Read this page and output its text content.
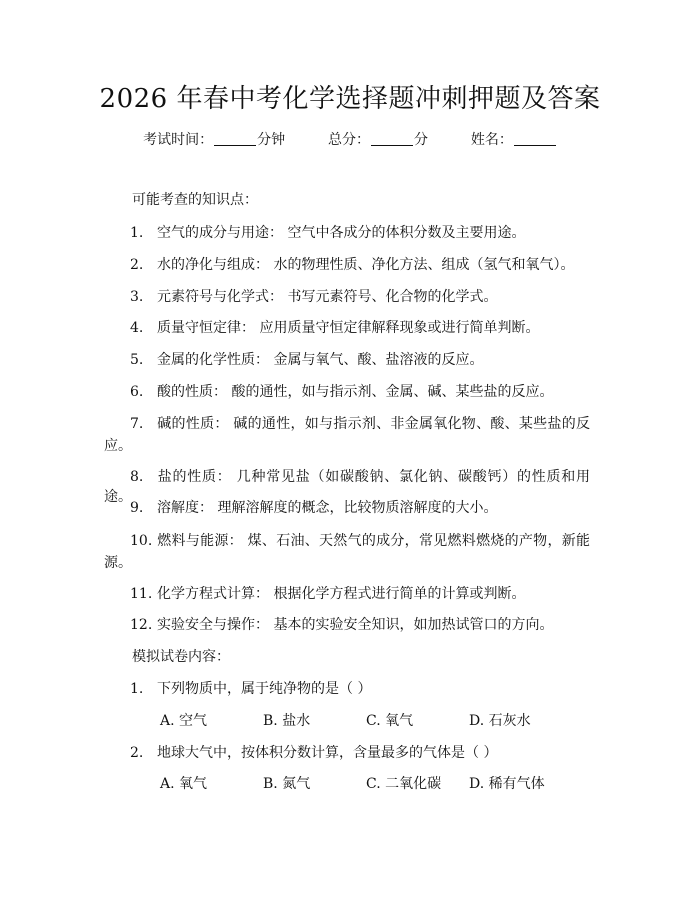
2026 年春中考化学选择题冲刺押题及答案
考试时间：	分钟	总分：	分	姓名：
可能考查的知识点：
1. 空气的成分与用途： 空气中各成分的体积分数及主要用途。
2. 水的净化与组成： 水的物理性质、净化方法、组成（氢气和氧气）。
3. 元素符号与化学式： 书写元素符号、化合物的化学式。
4. 质量守恒定律： 应用质量守恒定律解释现象或进行简单判断。
5. 金属的化学性质： 金属与氧气、酸、盐溶液的反应。
6. 酸的性质： 酸的通性，如与指示剂、金属、碱、某些盐的反应。
7. 碱的性质： 碱的通性，如与指示剂、非金属氧化物、酸、某些盐的反应。
8. 盐的性质： 几种常见盐（如碳酸钠、氯化钠、碳酸钙）的性质和用途。
9. 溶解度： 理解溶解度的概念，比较物质溶解度的大小。
10. 燃料与能源： 煤、石油、天然气的成分，常见燃料燃烧的产物，新能源。
11. 化学方程式计算： 根据化学方程式进行简单的计算或判断。
12. 实验安全与操作： 基本的实验安全知识，如加热试管口的方向。
模拟试卷内容：
1. 下列物质中，属于纯净物的是（ ）
A. 空气	B. 盐水	C. 氧气	D. 石灰水
2. 地球大气中，按体积分数计算，含量最多的气体是（ ）
A. 氧气	B. 氮气	C. 二氧化碳 D. 稀有气体
